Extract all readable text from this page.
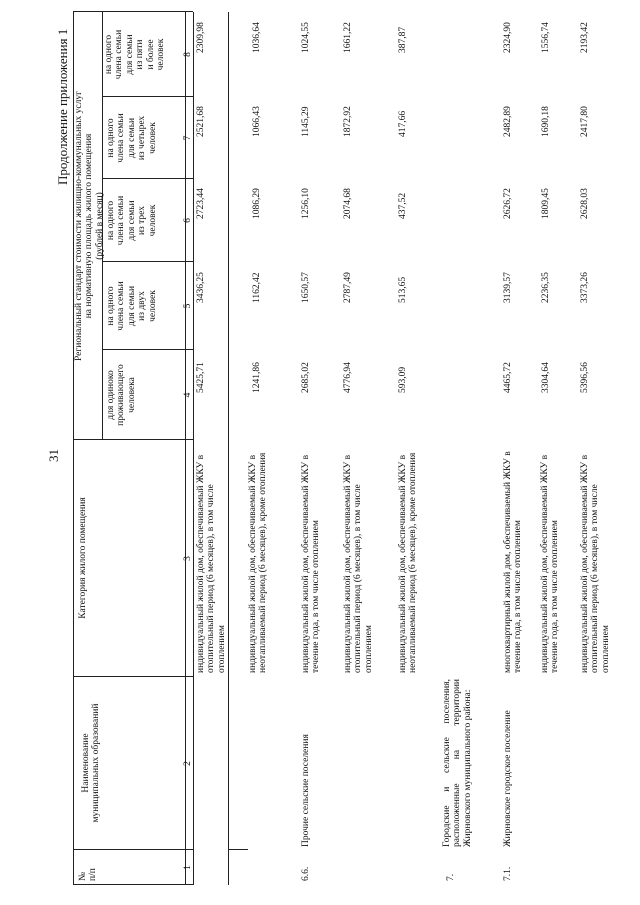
31
Продолжение приложения 1
№
п/п
Наименование
муниципальных образований
Категория жилого помещения
Региональный стандарт стоимости жилищно-коммунальных услуг
на нормативную площадь жилого помещения
(рублей в месяц)
для одиноко
проживающего
человека
на одного
члена семьи
для семьи
из двух
человек
на одного
члена семьи
для семьи
из трех
человек
на одного
члена семьи
для семьи
из четырех
человек
на одного
члена семьи
для семьи
из пяти
и более
человек
1
2
3
4
5
6
7
8
индивидуальный жилой дом, обеспечиваемый ЖКУ в отопительный период (6 месяцев), в том числе отоплением
5425,71
3436,25
2723,44
2521,68
2309,98
индивидуальный жилой дом, обеспечиваемый ЖКУ в неотапливаемый период (6 месяцев), кроме отопления
1241,86
1162,42
1086,29
1066,43
1036,64
6.6.
Прочие сельские поселения
индивидуальный жилой дом, обеспечиваемый ЖКУ в течение года, в том числе отоплением
2685,02
1650,57
1256,10
1145,29
1024,55
индивидуальный жилой дом, обеспечиваемый ЖКУ в отопительный период (6 месяцев), в том числе отоплением
4776,94
2787,49
2074,68
1872,92
1661,22
индивидуальный жилой дом, обеспечиваемый ЖКУ в неотапливаемый период (6 месяцев), кроме отопления
593,09
513,65
437,52
417,66
387,87
7.
Городские и сельские поселения, расположенные на территории Жирновского муниципального района:
7.1.
Жирновское городское поселение
многоквартирный жилой дом, обеспечиваемый ЖКУ в течение года, в том числе отоплением
4465,72
3139,57
2626,72
2482,89
2324,90
индивидуальный жилой дом, обеспечиваемый ЖКУ в течение года, в том числе отоплением
3304,64
2236,35
1809,45
1690,18
1556,74
индивидуальный жилой дом, обеспечиваемый ЖКУ в отопительный период (6 месяцев), в том числе отоплением
5396,56
3373,26
2628,03
2417,80
2193,42
